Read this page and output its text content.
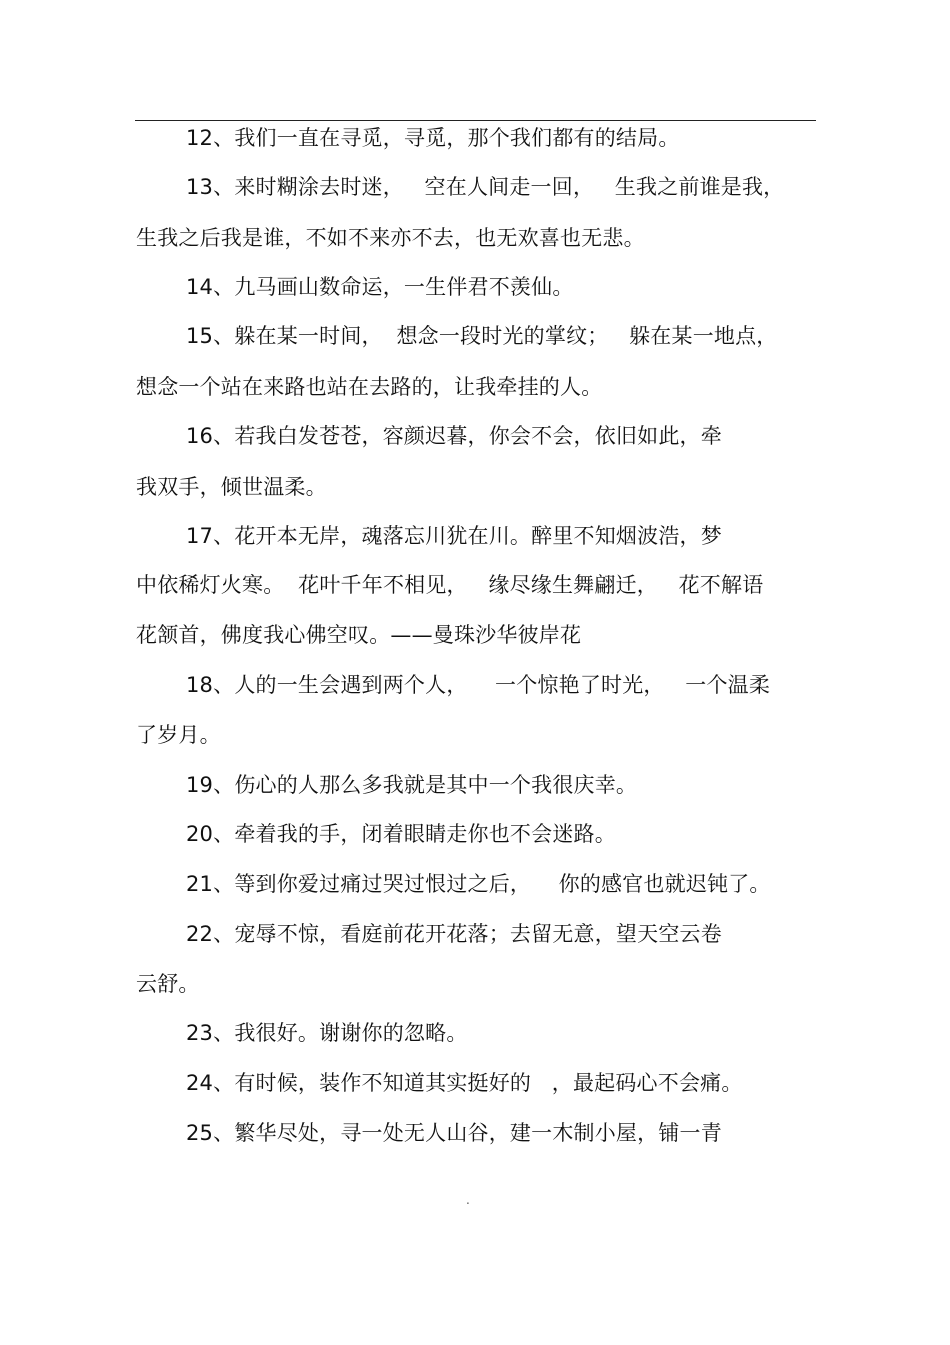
12、我们一直在寻觅，寻觅，那个我们都有的结局。
13、来时糊涂去时迷，   空在人间走一回，   生我之前谁是我，
生我之后我是谁，不如不来亦不去，也无欢喜也无悲。
14、九马画山数命运，一生伴君不羡仙。
15、躲在某一时间，  想念一段时光的掌纹；   躲在某一地点，
想念一个站在来路也站在去路的，让我牵挂的人。
16、若我白发苍苍，容颜迟暮，你会不会，依旧如此，牵
我双手，倾世温柔。
17、花开本无岸，魂落忘川犹在川。醉里不知烟波浩，梦
中依稀灯火寒。  花叶千年不相见，   缘尽缘生舞翩迁，   花不解语
花颔首，佛度我心佛空叹。——曼珠沙华彼岸花
18、人的一生会遇到两个人，    一个惊艳了时光，   一个温柔
了岁月。
19、伤心的人那么多我就是其中一个我很庆幸。
20、牵着我的手，闭着眼睛走你也不会迷路。
21、等到你爱过痛过哭过恨过之后，    你的感官也就迟钝了。
22、宠辱不惊，看庭前花开花落；去留无意，望天空云卷
云舒。
23、我很好。谢谢你的忽略。
24、有时候，装作不知道其实挺好的   ，最起码心不会痛。
25、繁华尽处，寻一处无人山谷，建一木制小屋，铺一青
.
